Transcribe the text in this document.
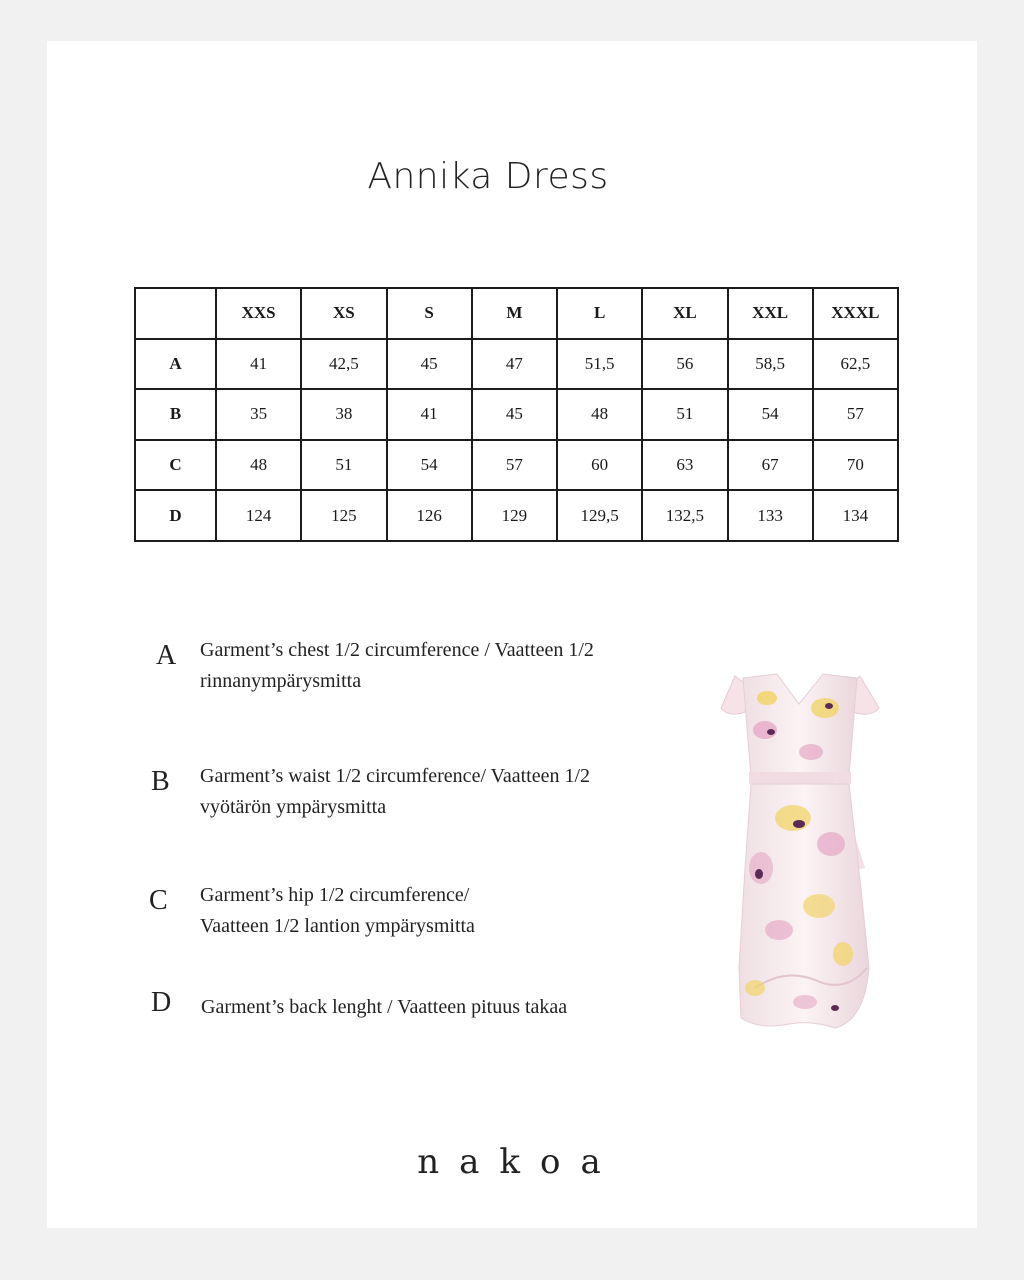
Annika Dress
	XXS	XS	S	M	L	XL	XXL	XXXL
A	41	42,5	45	47	51,5	56	58,5	62,5
B	35	38	41	45	48	51	54	57
C	48	51	54	57	60	63	67	70
D	124	125	126	129	129,5	132,5	133	134
A Garment’s chest 1/2 circumference / Vaatteen 1/2
rinnanympärysmitta
B Garment’s waist 1/2 circumference/ Vaatteen 1/2
vyötärön ympärysmitta
C Garment’s hip 1/2 circumference/
Vaatteen 1/2 lantion ympärysmitta
D Garment’s back lenght / Vaatteen pituus takaa
nakoa
